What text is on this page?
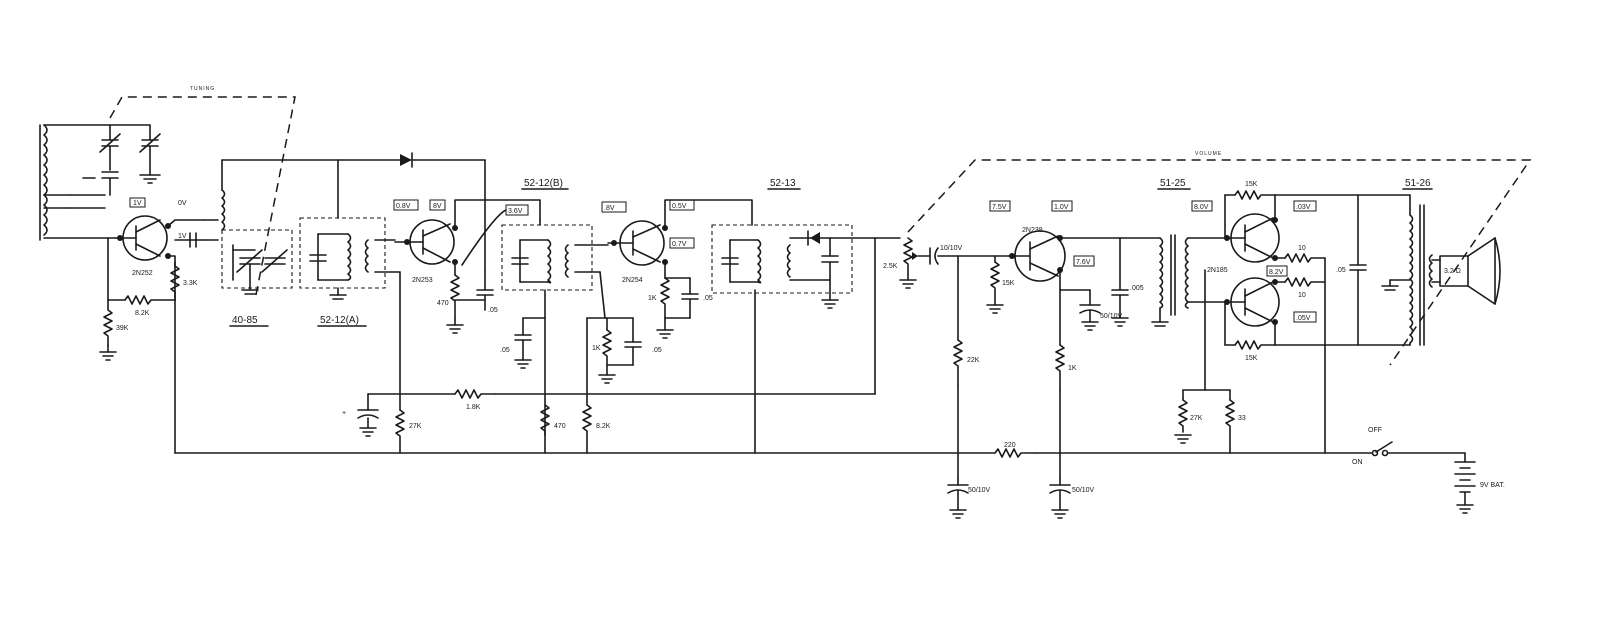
TUNING
2N252
1V	0V
1V
3.3K
8.2K
39K
40-85	52-12(A)
2N253
0.8V	8V
3.6V
470
.05
52-12(B)
.05
470
2N254
.8V	0.5V
0.7V
1K	.05
1K	.05
8.2K
52-13
1.8K
+
27K
VOLUME
2.5K
10/10V
2N238
7.5V	1.0V
7.6V
15K
22K
50/10V
1K
.005
51-25
2N185
8.0V	.03V
8.2V
.05V
15K
15K
10
10
.05
27K	33
51-26
3.2 Ω
220
50/10V	50/10V
OFF
ON
9V BAT.
